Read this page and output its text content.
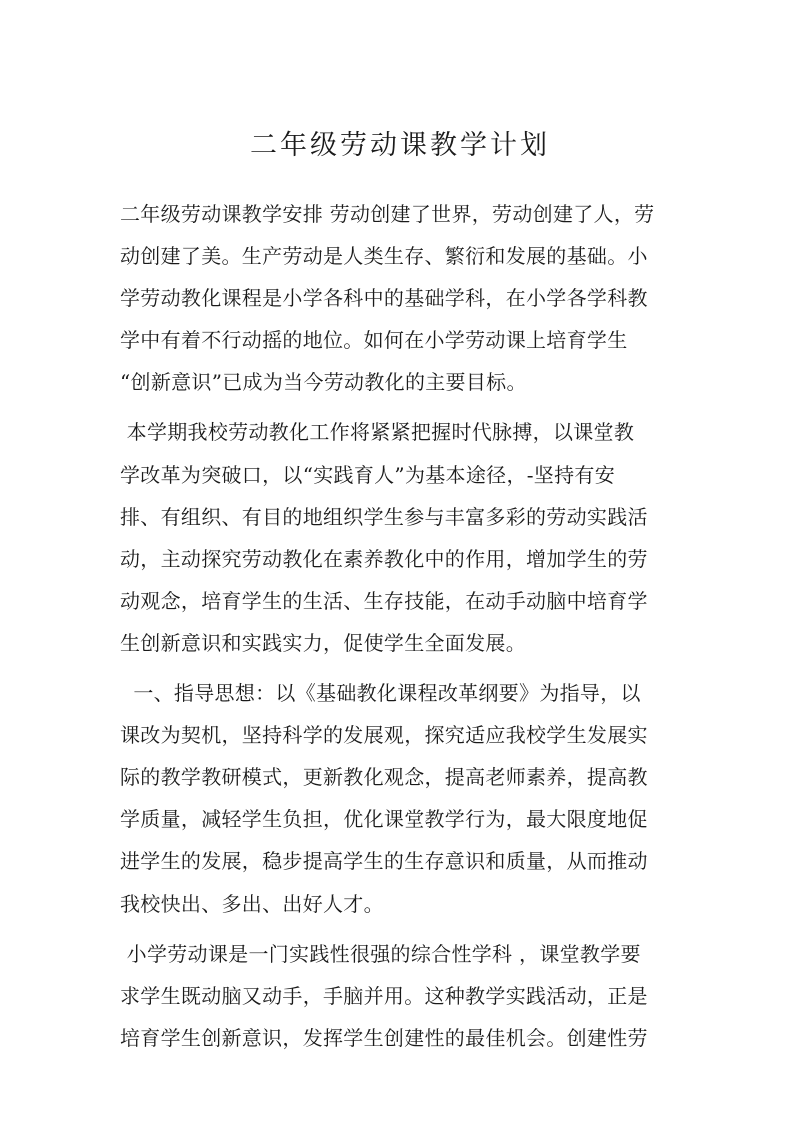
二年级劳动课教学计划
二年级劳动课教学安排 劳动创建了世界，劳动创建了人，劳
动创建了美。生产劳动是人类生存、繁衍和发展的基础。小
学劳动教化课程是小学各科中的基础学科，在小学各学科教
学中有着不行动摇的地位。如何在小学劳动课上培育学生
“创新意识”已成为当今劳动教化的主要目标。
本学期我校劳动教化工作将紧紧把握时代脉搏，以课堂教
学改革为突破口，以“实践育人”为基本途径，-坚持有安
排、有组织、有目的地组织学生参与丰富多彩的劳动实践活
动，主动探究劳动教化在素养教化中的作用，增加学生的劳
动观念，培育学生的生活、生存技能，在动手动脑中培育学
生创新意识和实践实力，促使学生全面发展。
一、指导思想：以《基础教化课程改革纲要》为指导，以
课改为契机，坚持科学的发展观，探究适应我校学生发展实
际的教学教研模式，更新教化观念，提高老师素养，提高教
学质量，减轻学生负担，优化课堂教学行为，最大限度地促
进学生的发展，稳步提高学生的生存意识和质量，从而推动
我校快出、多出、出好人才。
小学劳动课是一门实践性很强的综合性学科 ，课堂教学要
求学生既动脑又动手，手脑并用。这种教学实践活动，正是
培育学生创新意识，发挥学生创建性的最佳机会。创建性劳
